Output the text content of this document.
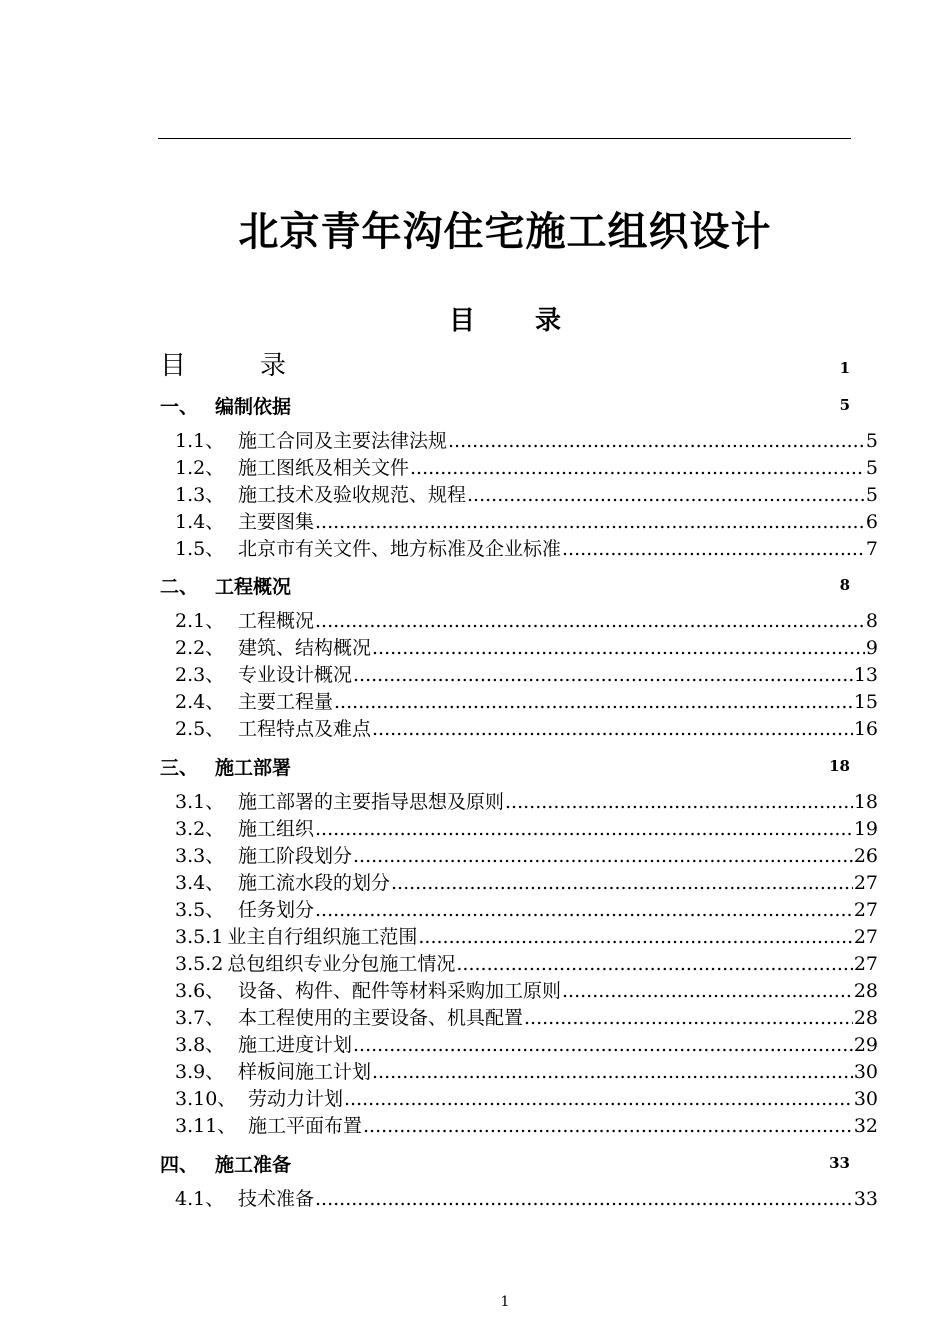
北京青年沟住宅施工组织设计
目 录
目	录	1
一、 编制依据	5
1.1、 施工合同及主要法律法规 .....	5
1.2、 施工图纸及相关文件 .....	5
1.3、 施工技术及验收规范、规程 .....	5
1.4、 主要图集 .....	6
1.5、 北京市有关文件、地方标准及企业标准 .....	7
二、 工程概况	8
2.1、 工程概况 .....	8
2.2、 建筑、结构概况 .....	9
2.3、 专业设计概况 .....	13
2.4、 主要工程量 .....	15
2.5、 工程特点及难点 .....	16
三、 施工部署	18
3.1、 施工部署的主要指导思想及原则 .....	18
3.2、 施工组织 .....	19
3.3、 施工阶段划分 .....	26
3.4、 施工流水段的划分 .....	27
3.5、 任务划分 .....	27
3.5.1 业主自行组织施工范围 .....	27
3.5.2 总包组织专业分包施工情况 .....	27
3.6、 设备、构件、配件等材料采购加工原则 .....	28
3.7、 本工程使用的主要设备、机具配置 .....	28
3.8、 施工进度计划 .....	29
3.9、 样板间施工计划 .....	30
3.10、 劳动力计划 .....	30
3.11、 施工平面布置 .....	32
四、 施工准备	33
4.1、 技术准备 .....	33
1
